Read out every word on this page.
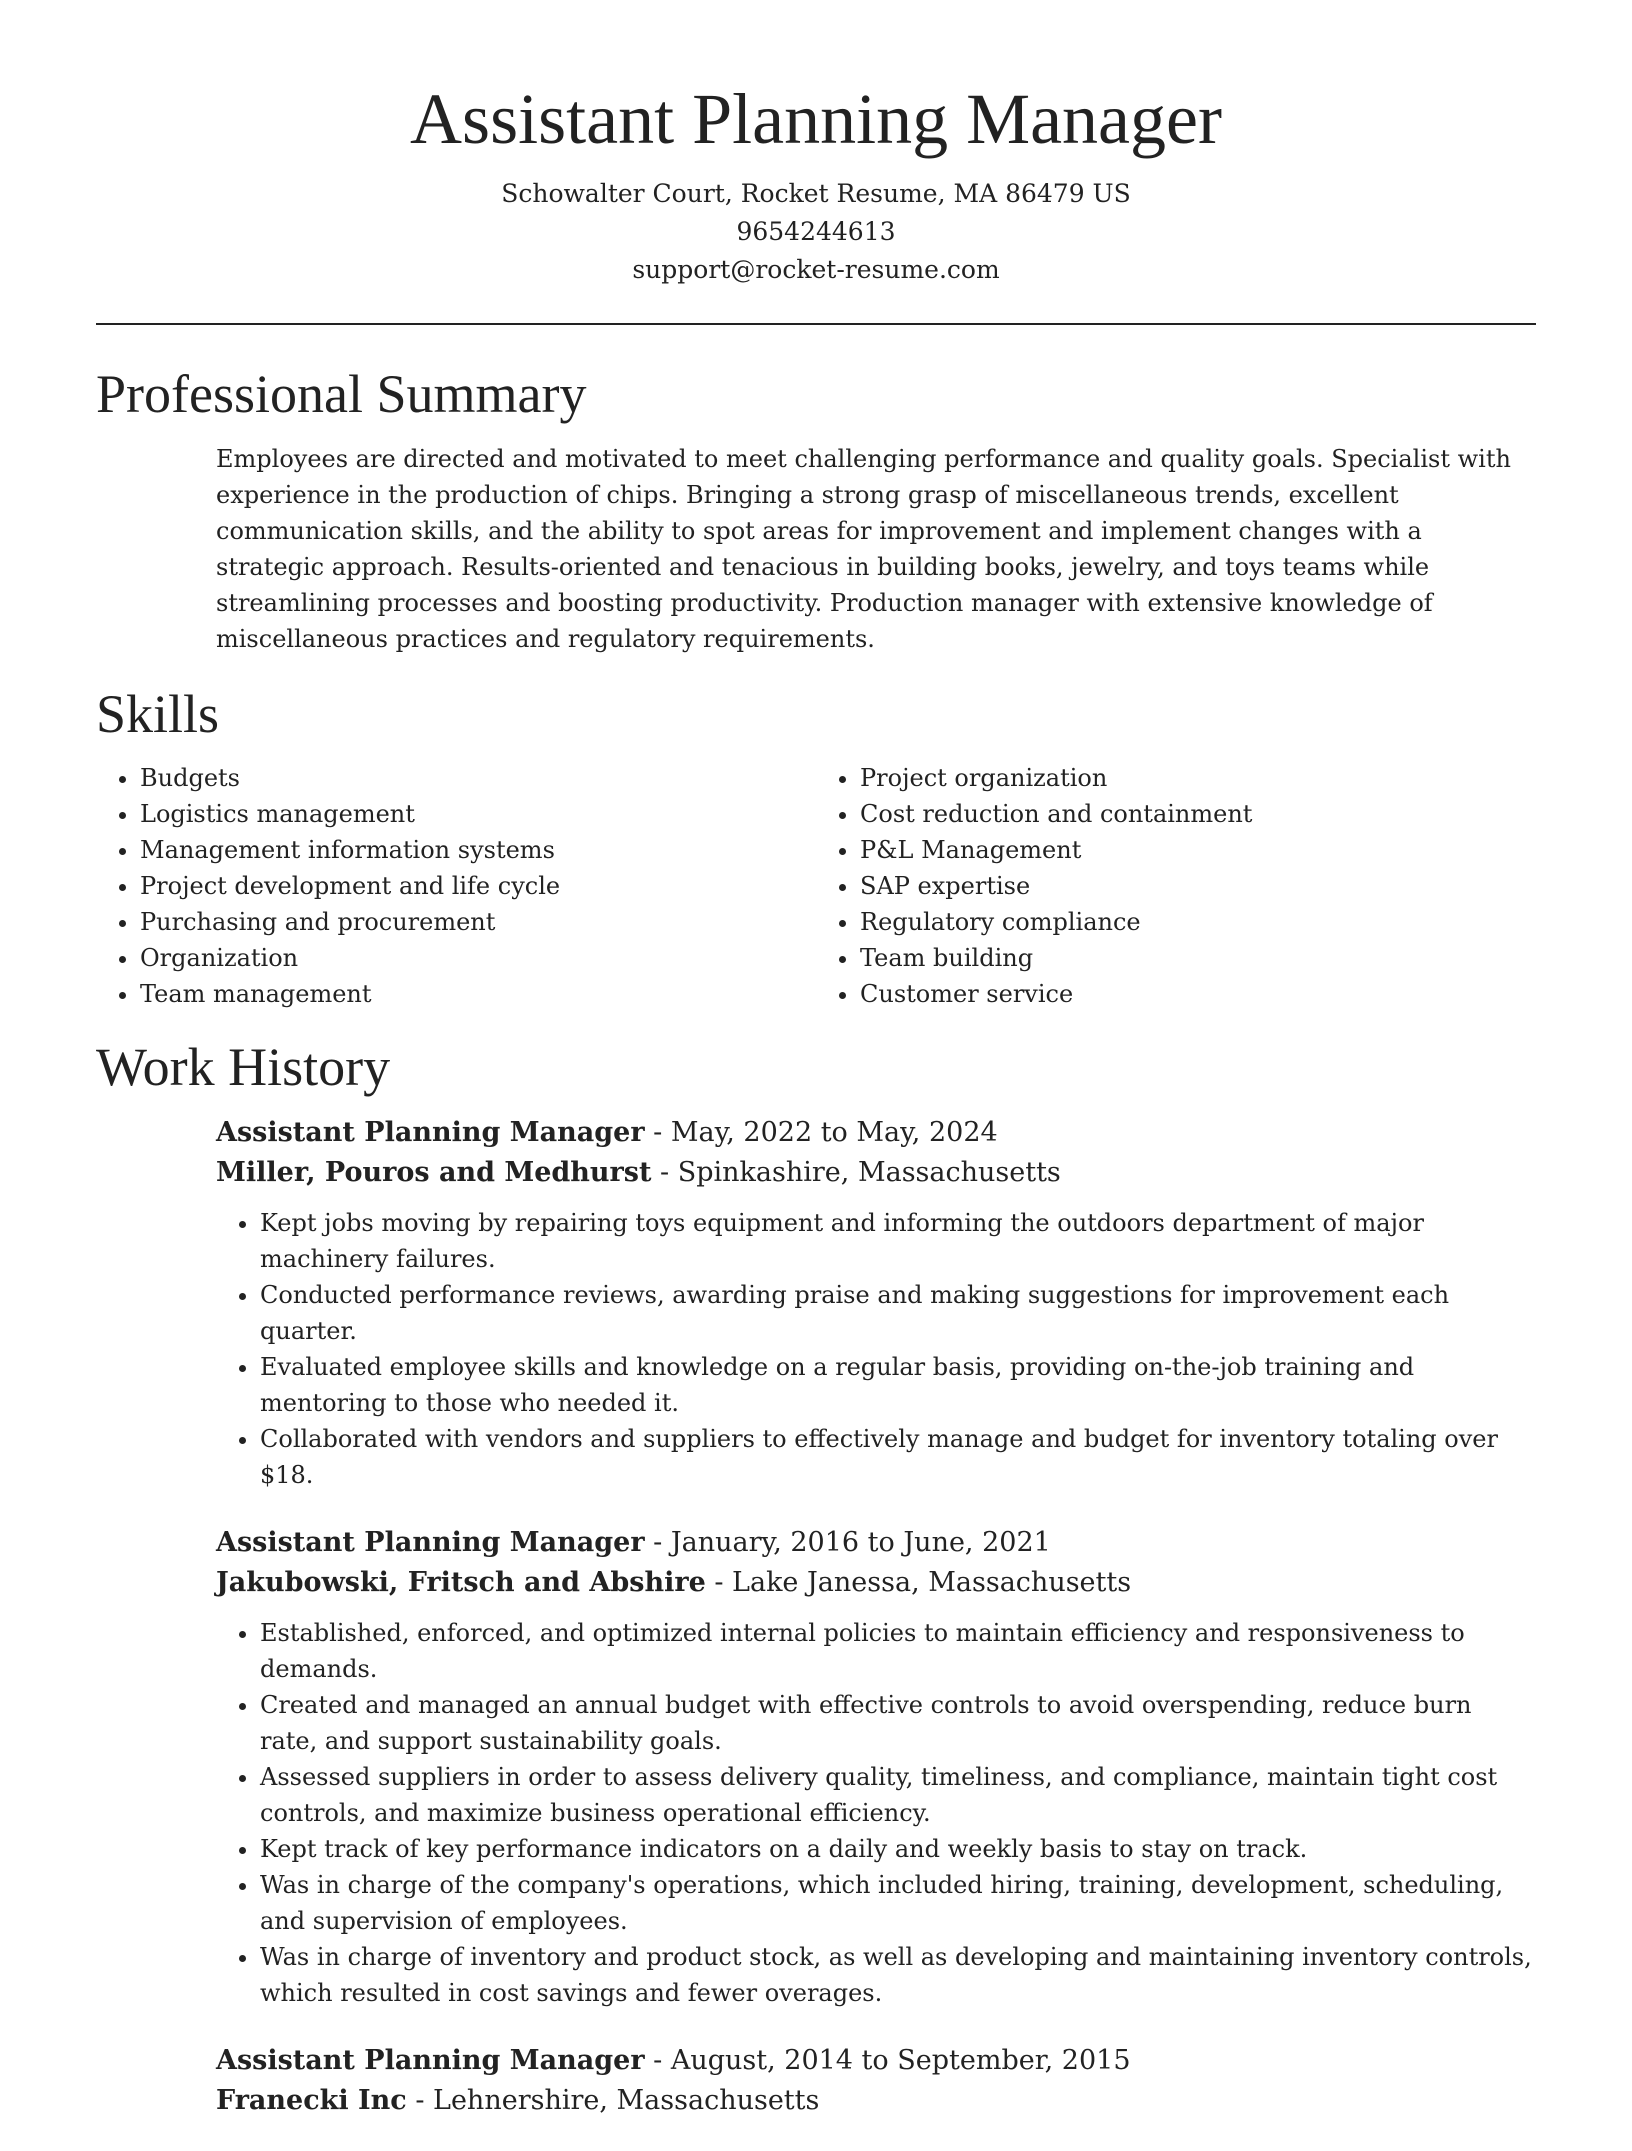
Assistant Planning Manager
Schowalter Court, Rocket Resume, MA 86479 US
9654244613
support@rocket-resume.com
Professional Summary

Employees are directed and motivated to meet challenging performance and quality goals. Specialist with experience in the production of chips. Bringing a strong grasp of miscellaneous trends, excellent communication skills, and the ability to spot areas for improvement and implement changes with a strategic approach. Results-oriented and tenacious in building books, jewelry, and toys teams while streamlining processes and boosting productivity. Production manager with extensive knowledge of miscellaneous practices and regulatory requirements.

Skills
• Budgets
• Logistics management
• Management information systems
• Project development and life cycle
• Purchasing and procurement
• Organization
• Team management
• Project organization
• Cost reduction and containment
• P&L Management
• SAP expertise
• Regulatory compliance
• Team building
• Customer service
Work History
Assistant Planning Manager - May, 2022 to May, 2024
Miller, Pouros and Medhurst - Spinkashire, Massachusetts
• Kept jobs moving by repairing toys equipment and informing the outdoors department of major machinery failures.
• Conducted performance reviews, awarding praise and making suggestions for improvement each quarter.
• Evaluated employee skills and knowledge on a regular basis, providing on-the-job training and mentoring to those who needed it.
• Collaborated with vendors and suppliers to effectively manage and budget for inventory totaling over $18.
Assistant Planning Manager - January, 2016 to June, 2021
Jakubowski, Fritsch and Abshire - Lake Janessa, Massachusetts
• Established, enforced, and optimized internal policies to maintain efficiency and responsiveness to demands.
• Created and managed an annual budget with effective controls to avoid overspending, reduce burn rate, and support sustainability goals.
• Assessed suppliers in order to assess delivery quality, timeliness, and compliance, maintain tight cost controls, and maximize business operational efficiency.
• Kept track of key performance indicators on a daily and weekly basis to stay on track.
• Was in charge of the company's operations, which included hiring, training, development, scheduling, and supervision of employees.
• Was in charge of inventory and product stock, as well as developing and maintaining inventory controls, which resulted in cost savings and fewer overages.
Assistant Planning Manager - August, 2014 to September, 2015
Franecki Inc - Lehnershire, Massachusetts
